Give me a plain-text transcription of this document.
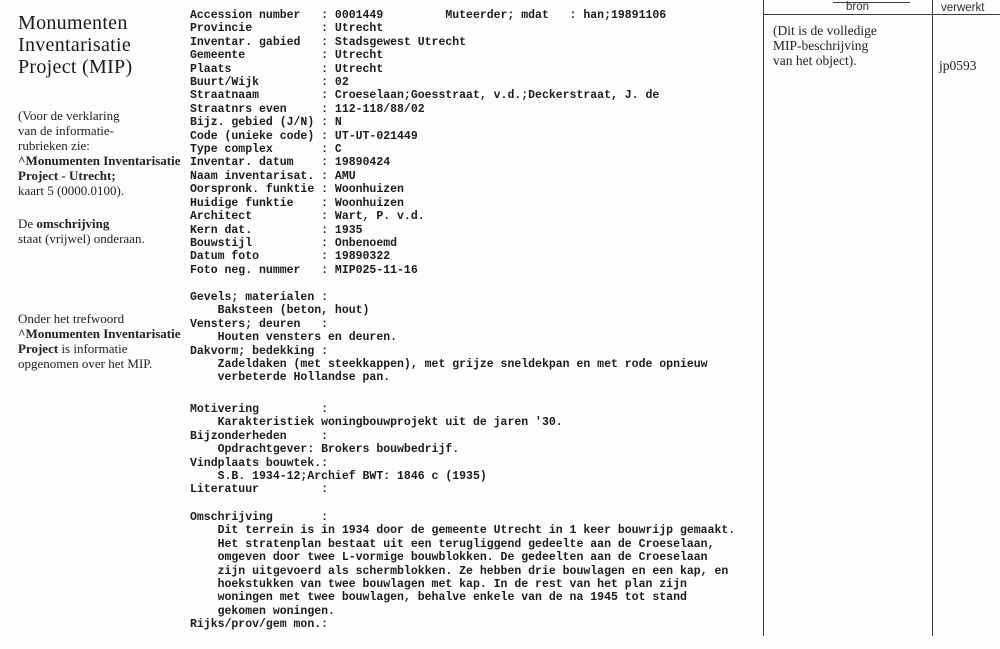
Monumenten
Inventarisatie
Project (MIP)
(Voor de verklaring
van de informatie-
rubrieken zie:
^Monumenten Inventarisatie
Project - Utrecht;
kaart 5 (0000.0100).
De omschrijving
staat (vrijwel) onderaan.
Onder het trefwoord
^Monumenten Inventarisatie
Project is informatie
opgenomen over het MIP.
Accession number   : 0001449         Muteerder; mdat   : han;19891106
Provincie          : Utrecht
Inventar. gabied   : Stadsgewest Utrecht
Gemeente           : Utrecht
Plaats             : Utrecht
Buurt/Wijk         : 02
Straatnaam         : Croeselaan;Goesstraat, v.d.;Deckerstraat, J. de
Straatnrs even     : 112-118/88/02
Bijz. gebied (J/N) : N
Code (unieke code) : UT-UT-021449
Type complex       : C
Inventar. datum    : 19890424
Naam inventarisat. : AMU
Oorspronk. funktie : Woonhuizen
Huidige funktie    : Woonhuizen
Architect          : Wart, P. v.d.
Kern dat.          : 1935
Bouwstijl          : Onbenoemd
Datum foto         : 19890322
Foto neg. nummer   : MIP025-11-16
Gevels; materialen :
Baksteen (beton, hout)
Vensters; deuren   :
Houten vensters en deuren.
Dakvorm; bedekking :
Zadeldaken (met steekkappen), met grijze sneldekpan en met rode opnieuw
verbeterde Hollandse pan.
Motivering         :
Karakteristiek woningbouwprojekt uit de jaren '30.
Bijzonderheden     :
Opdrachtgever: Brokers bouwbedrijf.
Vindplaats bouwtek.:
S.B. 1934-12;Archief BWT: 1846 c (1935)
Literatuur         :
Omschrijving       :
Dit terrein is in 1934 door de gemeente Utrecht in 1 keer bouwrijp gemaakt.
Het stratenplan bestaat uit een terugliggend gedeelte aan de Croeselaan,
omgeven door twee L-vormige bouwblokken. De gedeelten aan de Croeselaan
zijn uitgevoerd als schermblokken. Ze hebben drie bouwlagen en een kap, en
hoekstukken van twee bouwlagen met kap. In de rest van het plan zijn
woningen met twee bouwlagen, behalve enkele van de na 1945 tot stand
gekomen woningen.
Rijks/prov/gem mon.:
bron	verwerkt
(Dit is de volledige
MIP-beschrijving
van het object).	jp0593
